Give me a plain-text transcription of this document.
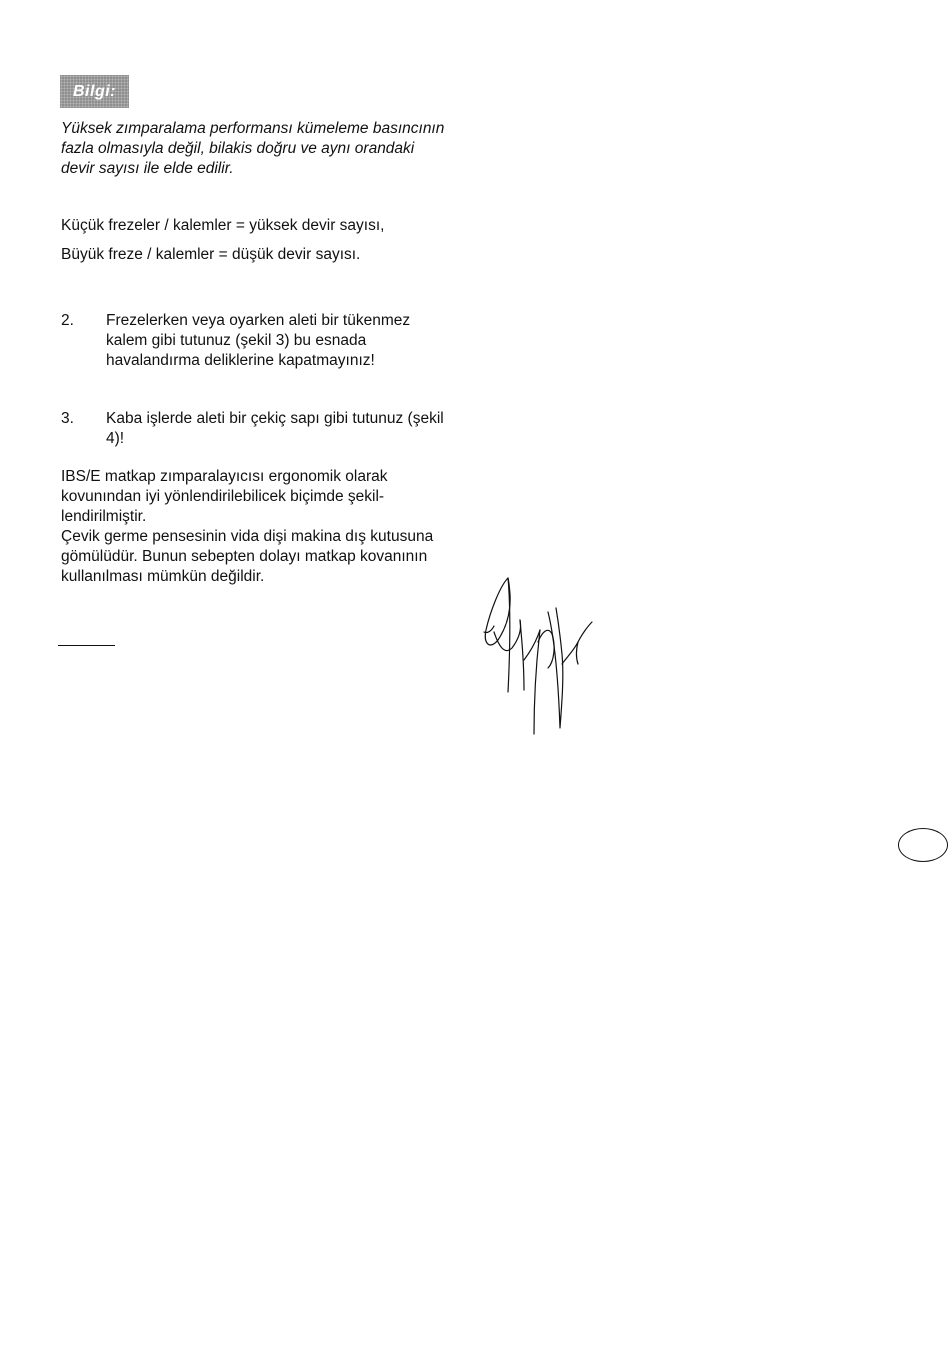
Bilgi:

Yüksek zımparalama performansı kümeleme basıncının fazla olmasıyla değil, bilakis doğru ve aynı orandaki devir sayısı ile elde edilir.

Küçük frezeler / kalemler = yüksek devir sayısı,

Büyük freze / kalemler = düşük devir sayısı.

2. Frezelerken veya oyarken aleti bir tükenmez kalem gibi tutunuz (şekil 3) bu esnada havalandırma deliklerine kapatmayınız!
3. Kaba işlerde aleti bir çekiç sapı gibi tutunuz (şekil 4)!

IBS/E matkap zımparalayıcısı ergonomik olarak kovunından iyi yönlendirilebilicek biçimde şekil-lendirilmiştir.

Çevik germe pensesinin vida dişi makina dış kutusuna gömülüdür. Bunun sebepten dolayı matkap kovanının kullanılması mümkün değildir.
